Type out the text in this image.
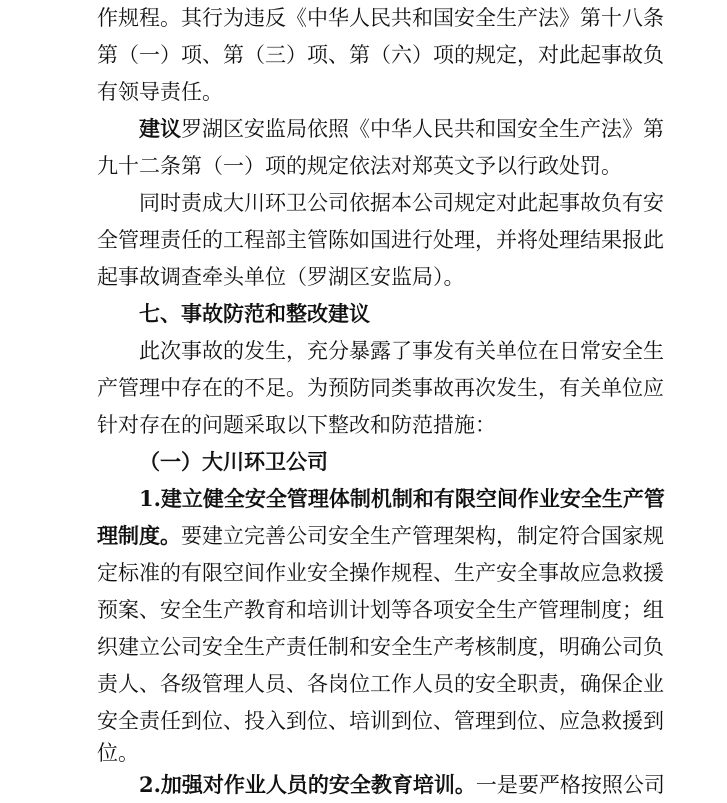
作规程。其行为违反《中华人民共和国安全生产法》第十八条
第（一）项、第（三）项、第（六）项的规定，对此起事故负
有领导责任。
建议罗湖区安监局依照《中华人民共和国安全生产法》第
九十二条第（一）项的规定依法对郑英文予以行政处罚。
同时责成大川环卫公司依据本公司规定对此起事故负有安
全管理责任的工程部主管陈如国进行处理，并将处理结果报此
起事故调查牵头单位（罗湖区安监局）。
七、事故防范和整改建议
此次事故的发生，充分暴露了事发有关单位在日常安全生
产管理中存在的不足。为预防同类事故再次发生，有关单位应
针对存在的问题采取以下整改和防范措施：
（一）大川环卫公司
1.建立健全安全管理体制机制和有限空间作业安全生产管
理制度。要建立完善公司安全生产管理架构，制定符合国家规
定标准的有限空间作业安全操作规程、生产安全事故应急救援
预案、安全生产教育和培训计划等各项安全生产管理制度；组
织建立公司安全生产责任制和安全生产考核制度，明确公司负
责人、各级管理人员、各岗位工作人员的安全职责，确保企业
安全责任到位、投入到位、培训到位、管理到位、应急救援到
位。
2.加强对作业人员的安全教育培训。一是要严格按照公司
